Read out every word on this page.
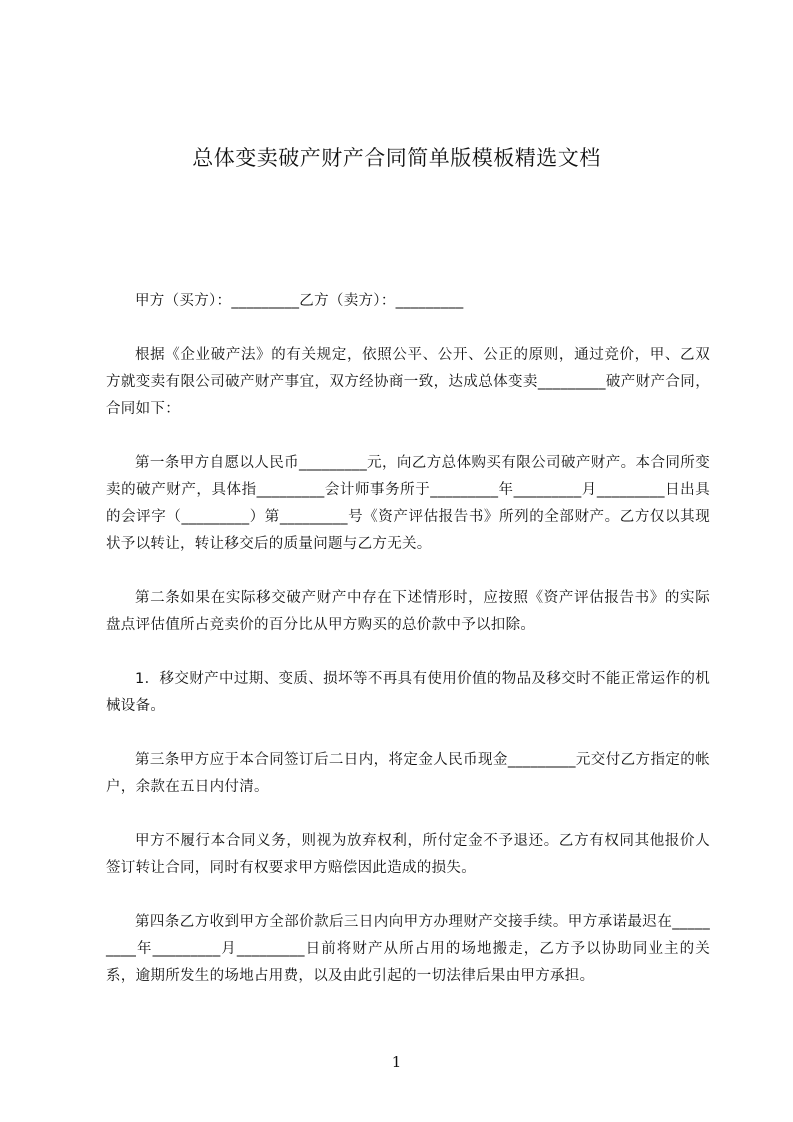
总体变卖破产财产合同简单版模板精选文档

甲方（买方）：_________乙方（卖方）：_________

根据《企业破产法》的有关规定，依照公平、公开、公正的原则，通过竞价，甲、乙双方就变卖有限公司破产财产事宜，双方经协商一致，达成总体变卖_________破产财产合同，合同如下：

第一条甲方自愿以人民币_________元，向乙方总体购买有限公司破产财产。本合同所变卖的破产财产，具体指_________会计师事务所于_________年_________月_________日出具的会评字（_________）第_________号《资产评估报告书》所列的全部财产。乙方仅以其现状予以转让，转让移交后的质量问题与乙方无关。

第二条如果在实际移交破产财产中存在下述情形时，应按照《资产评估报告书》的实际盘点评估值所占竞卖价的百分比从甲方购买的总价款中予以扣除。

1．移交财产中过期、变质、损坏等不再具有使用价值的物品及移交时不能正常运作的机械设备。

第三条甲方应于本合同签订后二日内，将定金人民币现金_________元交付乙方指定的帐户，余款在五日内付清。

甲方不履行本合同义务，则视为放弃权利，所付定金不予退还。乙方有权同其他报价人签订转让合同，同时有权要求甲方赔偿因此造成的损失。

第四条乙方收到甲方全部价款后三日内向甲方办理财产交接手续。甲方承诺最迟在_________年_________月_________日前将财产从所占用的场地搬走，乙方予以协助同业主的关系，逾期所发生的场地占用费，以及由此引起的一切法律后果由甲方承担。

1
